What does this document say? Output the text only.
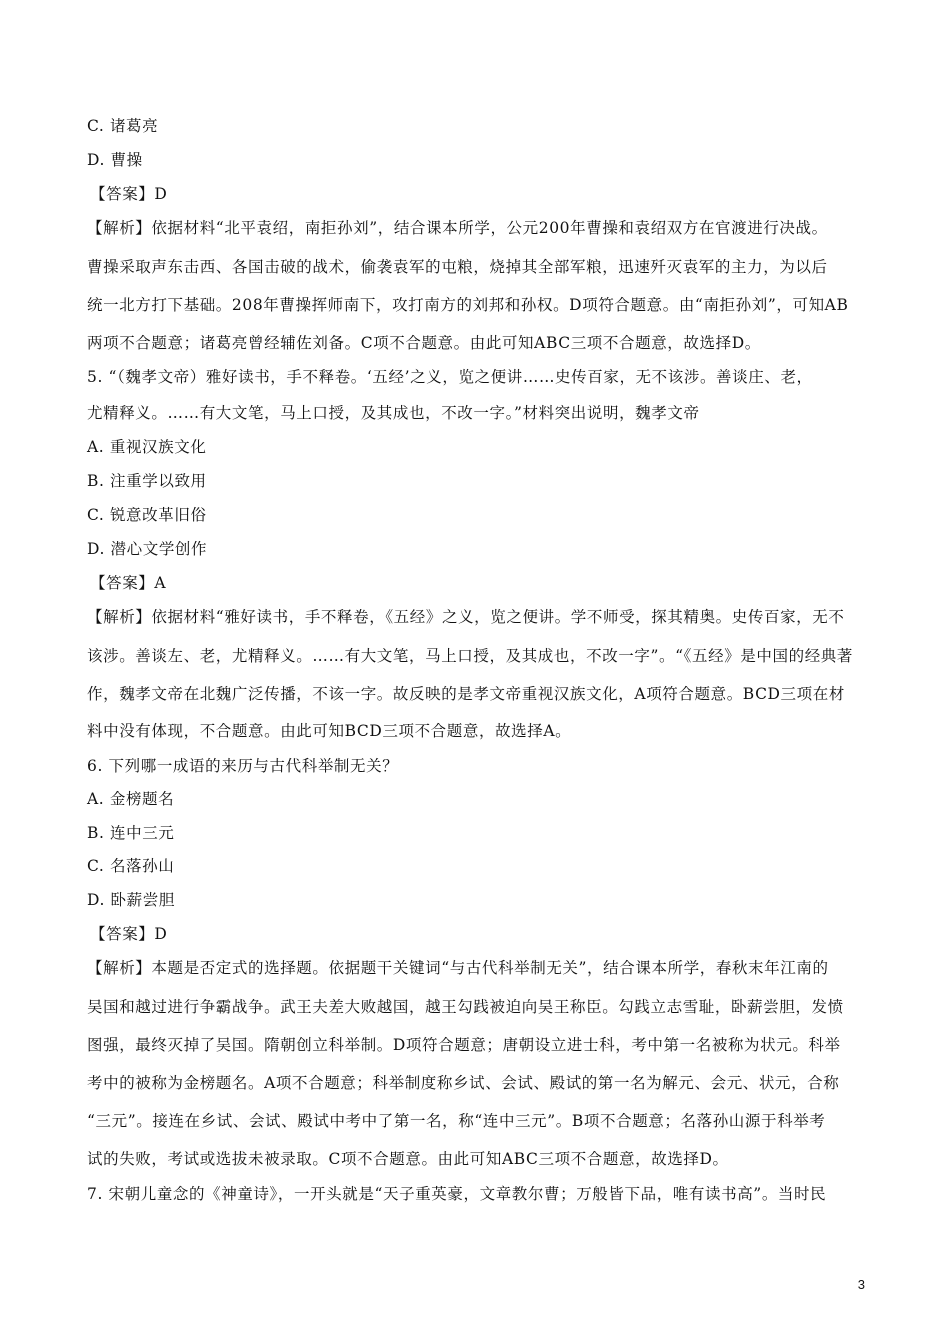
C. 诸葛亮
D. 曹操
【答案】D
【解析】依据材料“北平袁绍，南拒孙刘”，结合课本所学，公元200年曹操和袁绍双方在官渡进行决战。
曹操采取声东击西、各国击破的战术，偷袭袁军的屯粮，烧掉其全部军粮，迅速歼灭袁军的主力，为以后
统一北方打下基础。208年曹操挥师南下，攻打南方的刘邦和孙权。D项符合题意。由“南拒孙刘”，可知AB
两项不合题意；诸葛亮曾经辅佐刘备。C项不合题意。由此可知ABC三项不合题意，故选择D。
5. “（魏孝文帝）雅好读书，手不释卷。‘五经’之义，览之便讲……史传百家，无不该涉。善谈庄、老，
尤精释义。……有大文笔，马上口授，及其成也，不改一字。”材料突出说明，魏孝文帝
A. 重视汉族文化
B. 注重学以致用
C. 锐意改革旧俗
D. 潜心文学创作
【答案】A
【解析】依据材料“雅好读书，手不释卷，《五经》之义，览之便讲。学不师受，探其精奥。史传百家，无不
该涉。善谈左、老，尤精释义。……有大文笔，马上口授，及其成也，不改一字”。“《五经》是中国的经典著
作，魏孝文帝在北魏广泛传播，不该一字。故反映的是孝文帝重视汉族文化，A项符合题意。BCD三项在材
料中没有体现，不合题意。由此可知BCD三项不合题意，故选择A。
6. 下列哪一成语的来历与古代科举制无关？
A. 金榜题名
B. 连中三元
C. 名落孙山
D. 卧薪尝胆
【答案】D
【解析】本题是否定式的选择题。依据题干关键词“与古代科举制无关”，结合课本所学，春秋末年江南的
吴国和越过进行争霸战争。武王夫差大败越国，越王勾践被迫向吴王称臣。勾践立志雪耻，卧薪尝胆，发愤
图强，最终灭掉了吴国。隋朝创立科举制。D项符合题意；唐朝设立进士科，考中第一名被称为状元。科举
考中的被称为金榜题名。A项不合题意；科举制度称乡试、会试、殿试的第一名为解元、会元、状元，合称
“三元”。接连在乡试、会试、殿试中考中了第一名，称“连中三元”。B项不合题意；名落孙山源于科举考
试的失败，考试或选拔未被录取。C项不合题意。由此可知ABC三项不合题意，故选择D。
7. 宋朝儿童念的《神童诗》，一开头就是“天子重英豪，文章教尔曹；万般皆下品，唯有读书高”。当时民
3
